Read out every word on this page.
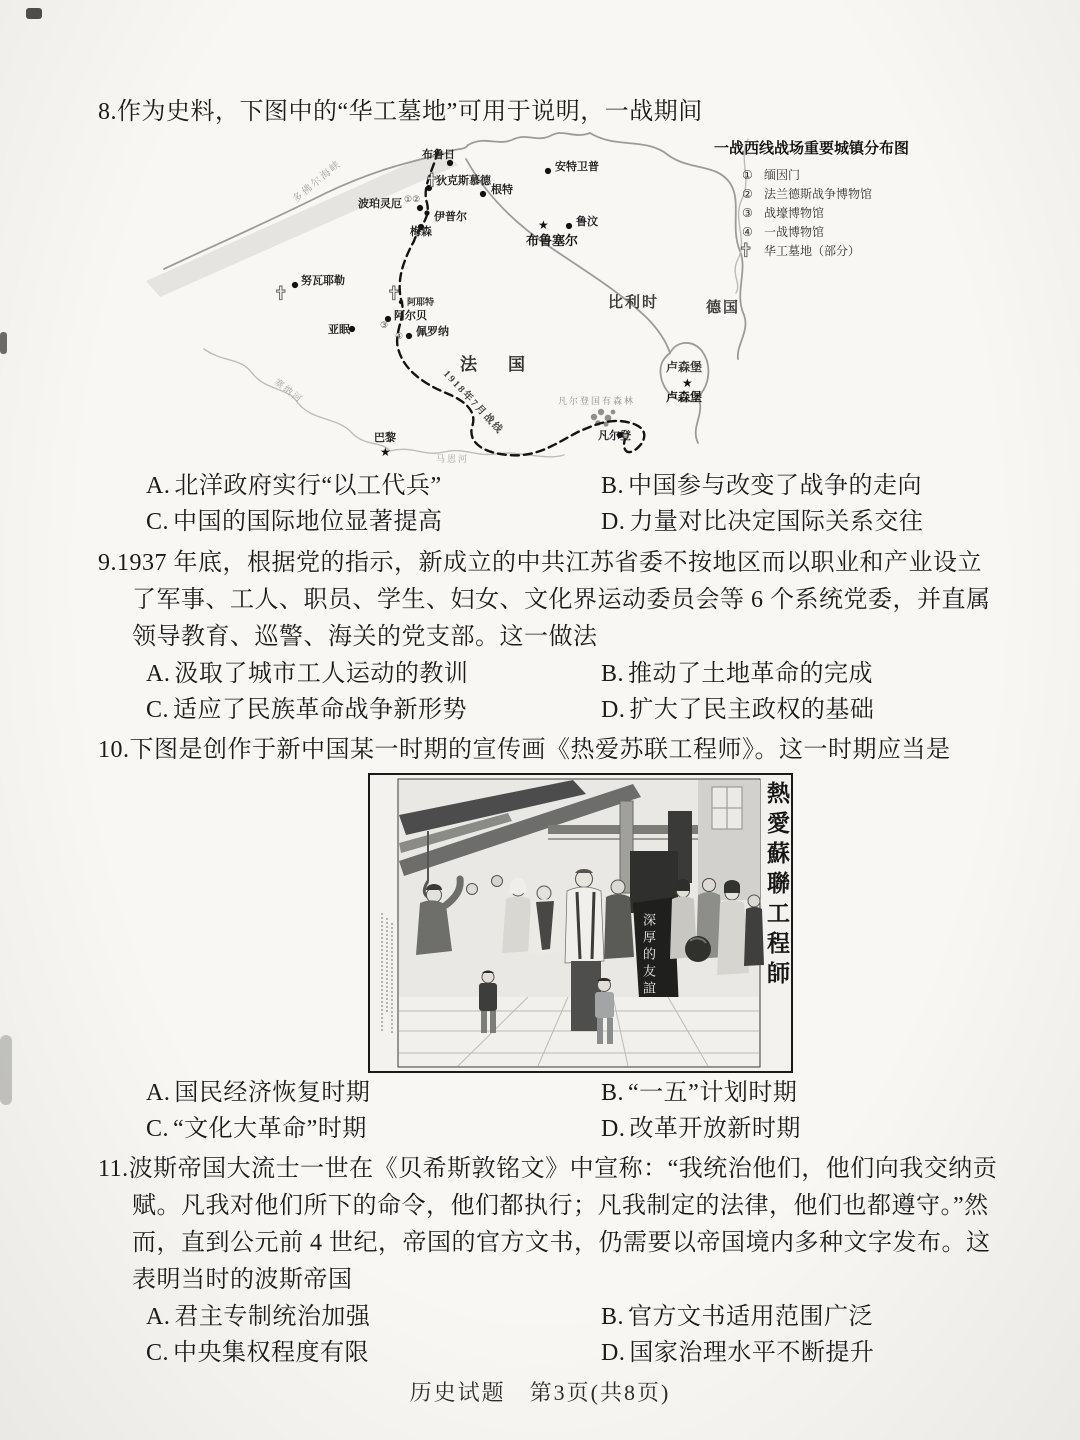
8.作为史料，下图中的“华工墓地”可用于说明，一战期间
★
★
★
①②
③
④
多佛尔海峡
1918年7月战线
塞纳河
马恩河
凡尔登国有森林
法　国
比利时	德国
卢森堡
卢森堡
布鲁日
狄克斯慕德
安特卫普
根特
波珀灵厄
伊普尔	鲁汶
布鲁塞尔
梅森
努瓦耶勒
阿耶特
阿尔贝
亚眠	佩罗纳
凡尔登
巴黎
一战西线战场重要城镇分布图
① 缅因门
② 法兰德斯战争博物馆
③ 战壕博物馆
④ 一战博物馆
华工墓地（部分）
A. 北洋政府实行“以工代兵”	B. 中国参与改变了战争的走向
C. 中国的国际地位显著提高	D. 力量对比决定国际关系交往
9.1937 年底，根据党的指示，新成立的中共江苏省委不按地区而以职业和产业设立了军事、工人、职员、学生、妇女、文化界运动委员会等 6 个系统党委，并直属领导教育、巡警、海关的党支部。这一做法
A. 汲取了城市工人运动的教训	B. 推动了土地革命的完成
C. 适应了民族革命战争新形势	D. 扩大了民主政权的基础
10.下图是创作于新中国某一时期的宣传画《热爱苏联工程师》。这一时期应当是
深厚的友誼	熱愛蘇聯工程師
A. 国民经济恢复时期	B. “一五”计划时期
C. “文化大革命”时期	D. 改革开放新时期
11.波斯帝国大流士一世在《贝希斯敦铭文》中宣称：“我统治他们，他们向我交纳贡赋。凡我对他们所下的命令，他们都执行；凡我制定的法律，他们也都遵守。”然而，直到公元前 4 世纪，帝国的官方文书，仍需要以帝国境内多种文字发布。这表明当时的波斯帝国
A. 君主专制统治加强	B. 官方文书适用范围广泛
C. 中央集权程度有限	D. 国家治理水平不断提升
历史试题　第3页(共8页)
